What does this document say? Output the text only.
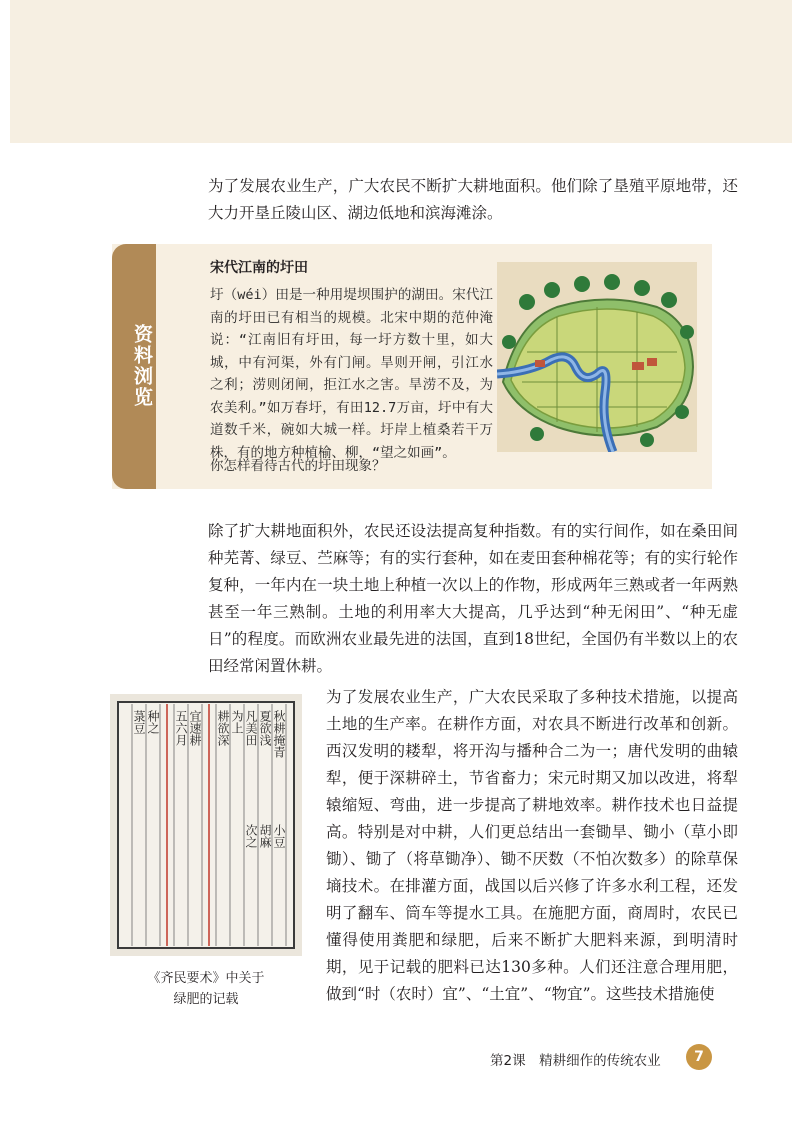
为了发展农业生产，广大农民不断扩大耕地面积。他们除了垦殖平原地带，还大力开垦丘陵山区、湖边低地和滨海滩涂。

资料浏览
宋代江南的圩田

圩（wéi）田是一种用堤坝围护的湖田。宋代江南的圩田已有相当的规模。北宋中期的范仲淹说：“江南旧有圩田，每一圩方数十里，如大城，中有河渠，外有门闸。旱则开闸，引江水之利；涝则闭闸，拒江水之害。旱涝不及，为农美利。”如万春圩，有田12.7万亩，圩中有大道数千米，碗如大城一样。圩岸上植桑若干万株，有的地方种植榆、柳，“望之如画”。

你怎样看待古代的圩田现象？

除了扩大耕地面积外，农民还设法提高复种指数。有的实行间作，如在桑田间种芜菁、绿豆、苎麻等；有的实行套种，如在麦田套种棉花等；有的实行轮作复种，一年内在一块土地上种植一次以上的作物，形成两年三熟或者一年两熟甚至一年三熟制。土地的利用率大大提高，几乎达到“种无闲田”、“种无虚日”的程度。而欧洲农业最先进的法国，直到18世纪，全国仍有半数以上的农田经常闲置休耕。

秋耕掩青
夏欲浅
凡美田
为上
耕欲深
宜速耕
五六月
种之
菉豆
小豆
胡麻
次之
《齐民要术》中关于
绿肥的记载

为了发展农业生产，广大农民采取了多种技术措施，以提高土地的生产率。在耕作方面，对农具不断进行改革和创新。西汉发明的耧犁，将开沟与播种合二为一；唐代发明的曲辕犁，便于深耕碎土，节省畜力；宋元时期又加以改进，将犁辕缩短、弯曲，进一步提高了耕地效率。耕作技术也日益提高。特别是对中耕，人们更总结出一套锄旱、锄小（草小即锄）、锄了（将草锄净）、锄不厌数（不怕次数多）的除草保墒技术。在排灌方面，战国以后兴修了许多水利工程，还发明了翻车、筒车等提水工具。在施肥方面，商周时，农民已懂得使用粪肥和绿肥，后来不断扩大肥料来源，到明清时期，见于记载的肥料已达130多种。人们还注意合理用肥，做到“时（农时）宜”、“土宜”、“物宜”。这些技术措施使

第2课　精耕细作的传统农业	7
